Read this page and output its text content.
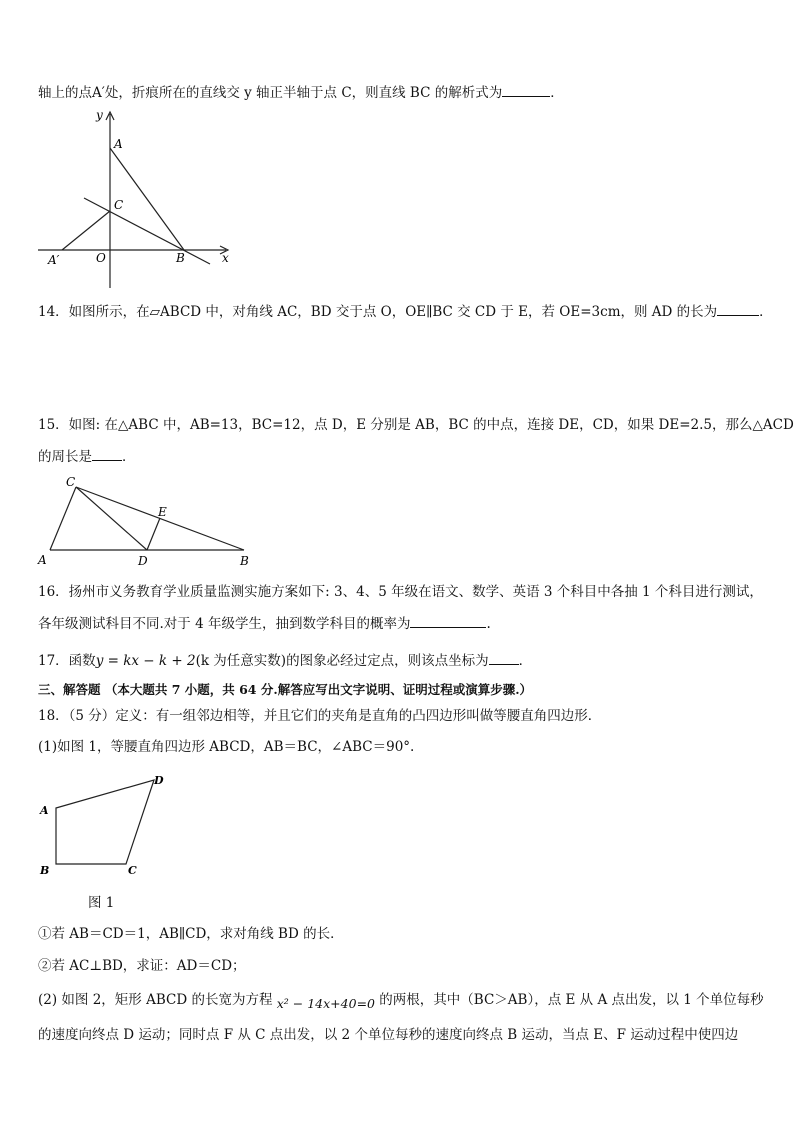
轴上的点A′处，折痕所在的直线交 y 轴正半轴于点 C，则直线 BC 的解析式为	．
y
x
A
C
A′	O	B
14．如图所示，在▱ABCD 中，对角线 AC，BD 交于点 O，OE∥BC 交 CD 于 E，若 OE=3cm，则 AD 的长为	．
15．如图: 在△ABC 中，AB=13，BC=12，点 D，E 分别是 AB，BC 的中点，连接 DE，CD，如果 DE=2.5，那么△ACD
的周长是 ．
C
E
A	D	B
16．扬州市义务教育学业质量监测实施方案如下: 3、4、5 年级在语文、数学、英语 3 个科目中各抽 1 个科目进行测试，
各年级测试科目不同.对于 4 年级学生，抽到数学科目的概率为	.
17．函数y = kx − k + 2(k 为任意实数)的图象必经过定点，则该点坐标为 ．
三、解答题 （本大题共 7 小题，共 64 分.解答应写出文字说明、证明过程或演算步骤.）
18．（5 分）定义：有一组邻边相等，并且它们的夹角是直角的凸四边形叫做等腰直角四边形．
(1)如图 1，等腰直角四边形 ABCD，AB＝BC，∠ABC＝90°.
A
B	C
D
图 1
①若 AB＝CD＝1，AB∥CD，求对角线 BD 的长．
②若 AC⊥BD，求证：AD＝CD；
(2) 如图 2，矩形 ABCD 的长宽为方程 x² − 14x+40=0 的两根，其中（BC＞AB），点 E 从 A 点出发，以 1 个单位每秒
的速度向终点 D 运动；同时点 F 从 C 点出发，以 2 个单位每秒的速度向终点 B 运动，当点 E、F 运动过程中使四边
